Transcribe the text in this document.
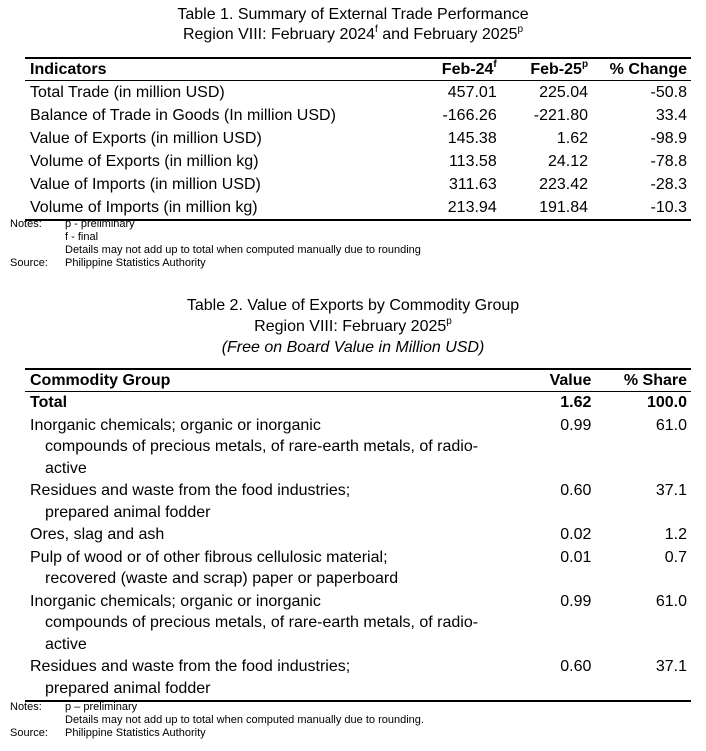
Table 1. Summary of External Trade Performance
Region VIII: February 2024$^f$ and February 2025$^p$
Indicators	Feb-24$^f$	Feb-25$^p$	% Change
Total Trade (in million USD)	457.01	225.04	-50.8
Balance of Trade in Goods (In million USD)	-166.26	-221.80	33.4
Value of Exports (in million USD)	145.38	1.62	-98.9
Volume of Exports (in million kg)	113.58	24.12	-78.8
Value of Imports (in million USD)	311.63	223.42	-28.3
Volume of Imports (in million kg)	213.94	191.84	-10.3
Notes:	p - preliminary
f - final
Details may not add up to total when computed manually due to rounding
Source:	Philippine Statistics Authority
Table 2. Value of Exports by Commodity Group
Region VIII: February 2025$^p$
(Free on Board Value in Million USD)
Commodity Group	Value	% Share
Total	1.62	100.0
Inorganic chemicals; organic or inorganic
compounds of precious metals, of rare-earth metals, of radio-active	0.99	61.0
Residues and waste from the food industries;
prepared animal fodder	0.60	37.1
Ores, slag and ash	0.02	1.2
Pulp of wood or of other fibrous cellulosic material;
recovered (waste and scrap) paper or paperboard	0.01	0.7
Inorganic chemicals; organic or inorganic
compounds of precious metals, of rare-earth metals, of radio-active	0.99	61.0
Residues and waste from the food industries;
prepared animal fodder	0.60	37.1
Notes:	p – preliminary
Details may not add up to total when computed manually due to rounding.
Source:	Philippine Statistics Authority
